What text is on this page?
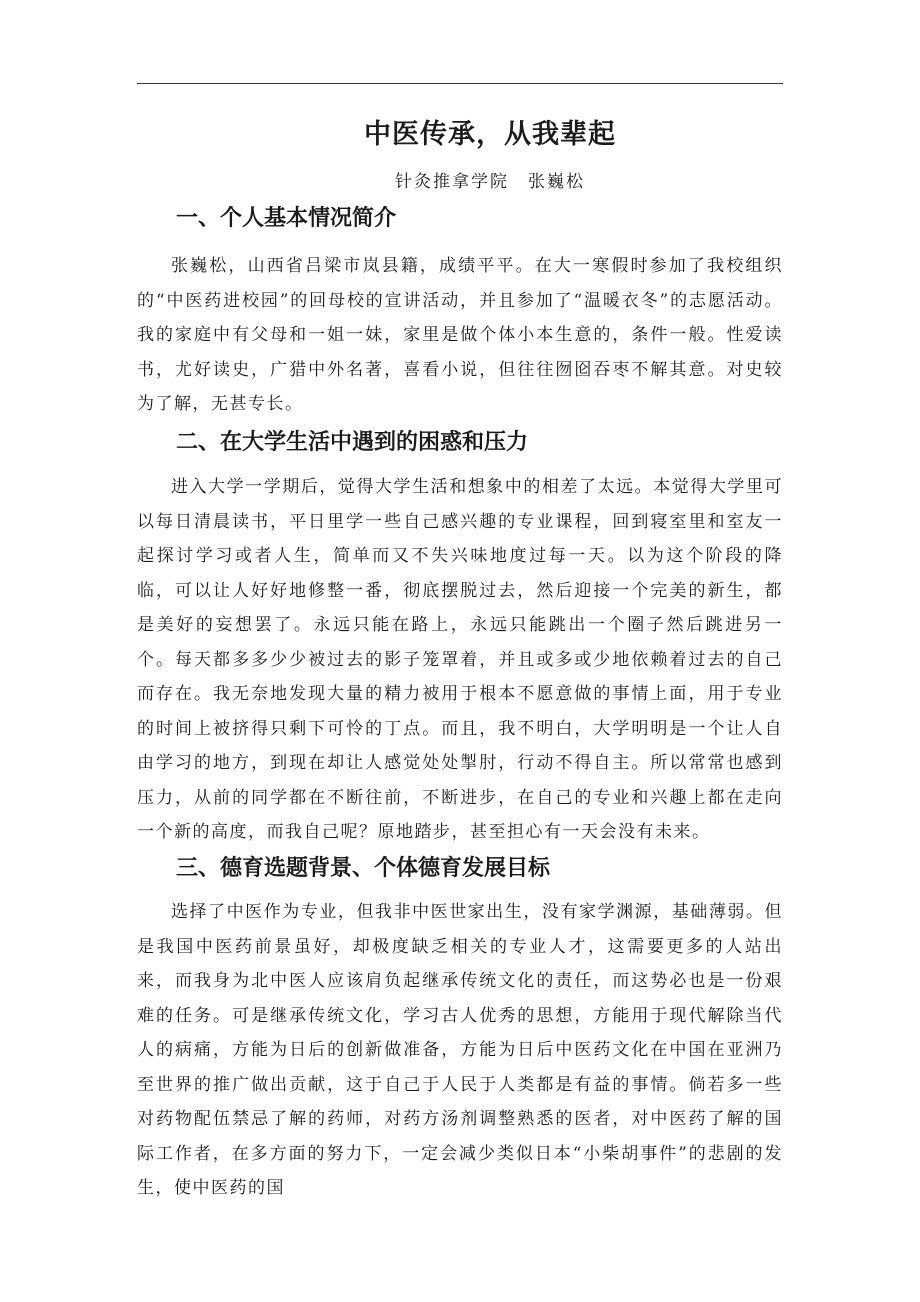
中医传承，从我辈起
针灸推拿学院　张巍松
一、个人基本情况简介

张巍松，山西省吕梁市岚县籍，成绩平平。在大一寒假时参加了我校组织的“中医药进校园”的回母校的宣讲活动，并且参加了“温暖衣冬”的志愿活动。我的家庭中有父母和一姐一妹，家里是做个体小本生意的，条件一般。性爱读书，尤好读史，广猎中外名著，喜看小说，但往往囫囵吞枣不解其意。对史较为了解，无甚专长。

二、在大学生活中遇到的困惑和压力

进入大学一学期后，觉得大学生活和想象中的相差了太远。本觉得大学里可以每日清晨读书，平日里学一些自己感兴趣的专业课程，回到寝室里和室友一起探讨学习或者人生，简单而又不失兴味地度过每一天。以为这个阶段的降临，可以让人好好地修整一番，彻底摆脱过去，然后迎接一个完美的新生，都是美好的妄想罢了。永远只能在路上，永远只能跳出一个圈子然后跳进另一个。每天都多多少少被过去的影子笼罩着，并且或多或少地依赖着过去的自己而存在。我无奈地发现大量的精力被用于根本不愿意做的事情上面，用于专业的时间上被挤得只剩下可怜的丁点。而且，我不明白，大学明明是一个让人自由学习的地方，到现在却让人感觉处处掣肘，行动不得自主。所以常常也感到压力，从前的同学都在不断往前，不断进步，在自己的专业和兴趣上都在走向一个新的高度，而我自己呢？原地踏步，甚至担心有一天会没有未来。

三、德育选题背景、个体德育发展目标

选择了中医作为专业，但我非中医世家出生，没有家学渊源，基础薄弱。但是我国中医药前景虽好，却极度缺乏相关的专业人才，这需要更多的人站出来，而我身为北中医人应该肩负起继承传统文化的责任，而这势必也是一份艰难的任务。可是继承传统文化，学习古人优秀的思想，方能用于现代解除当代人的病痛，方能为日后的创新做准备，方能为日后中医药文化在中国在亚洲乃至世界的推广做出贡献，这于自己于人民于人类都是有益的事情。倘若多一些对药物配伍禁忌了解的药师，对药方汤剂调整熟悉的医者，对中医药了解的国际工作者，在多方面的努力下，一定会减少类似日本“小柴胡事件”的悲剧的发生，使中医药的国
